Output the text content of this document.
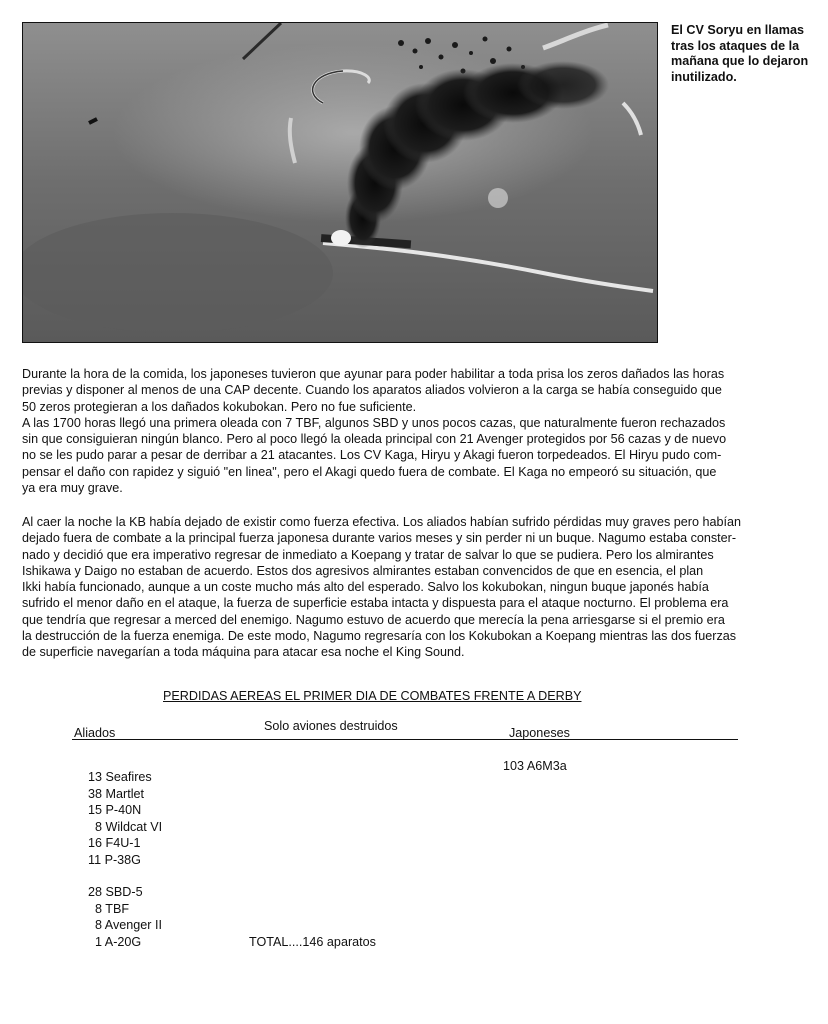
El CV Soryu en llamas tras los ataques de la mañana que lo dejaron inutilizado.
Durante la hora de la comida, los japoneses tuvieron que ayunar para poder habilitar a toda prisa los zeros dañados las horas
previas y disponer al menos de una CAP decente. Cuando los aparatos aliados volvieron a la carga se había conseguido que
50 zeros protegieran a los dañados kokubokan. Pero no fue suficiente.
A las 1700 horas llegó una primera oleada con 7 TBF, algunos SBD y unos pocos cazas, que naturalmente fueron rechazados
sin que consiguieran ningún blanco. Pero al poco llegó la oleada principal con 21 Avenger protegidos por 56 cazas y de nuevo
no se les pudo parar a pesar de derribar a 21 atacantes. Los CV Kaga, Hiryu y Akagi fueron torpedeados. El Hiryu pudo com-
pensar el daño con rapidez y siguió "en linea", pero el Akagi quedo fuera de combate. El Kaga no empeoró su situación, que
ya era muy grave.
Al caer la noche la KB había dejado de existir como fuerza efectiva. Los aliados habían sufrido pérdidas muy graves pero habían
dejado fuera de combate a la principal fuerza japonesa durante varios meses y sin perder ni un buque. Nagumo estaba conster-
nado y decidió que era imperativo regresar de inmediato a Koepang y tratar de salvar lo que se pudiera. Pero los almirantes
Ishikawa y Daigo no estaban de acuerdo. Estos dos agresivos almirantes estaban convencidos de que en esencia, el plan
Ikki había funcionado, aunque a un coste mucho más alto del esperado. Salvo los kokubokan, ningun buque japonés había
sufrido el menor daño en el ataque, la fuerza de superficie estaba intacta y dispuesta para el ataque nocturno. El problema era
que tendría que regresar a merced del enemigo. Nagumo estuvo de acuerdo que merecía la pena arriesgarse si el premio era
la destrucción de la fuerza enemiga. De este modo, Nagumo regresaría con los Kokubokan a Koepang mientras las dos fuerzas
de superficie navegarían a toda máquina para atacar esa noche el King Sound.
PERDIDAS AEREAS EL PRIMER DIA DE COMBATES FRENTE A DERBY
Solo aviones destruidos
Aliados	Japoneses
103 A6M3a
13 Seafires
38 Martlet
15 P-40N
8 Wildcat VI
16 F4U-1
11 P-38G
28 SBD-5
8 TBF
8 Avenger II
1 A-20G	TOTAL....146 aparatos
